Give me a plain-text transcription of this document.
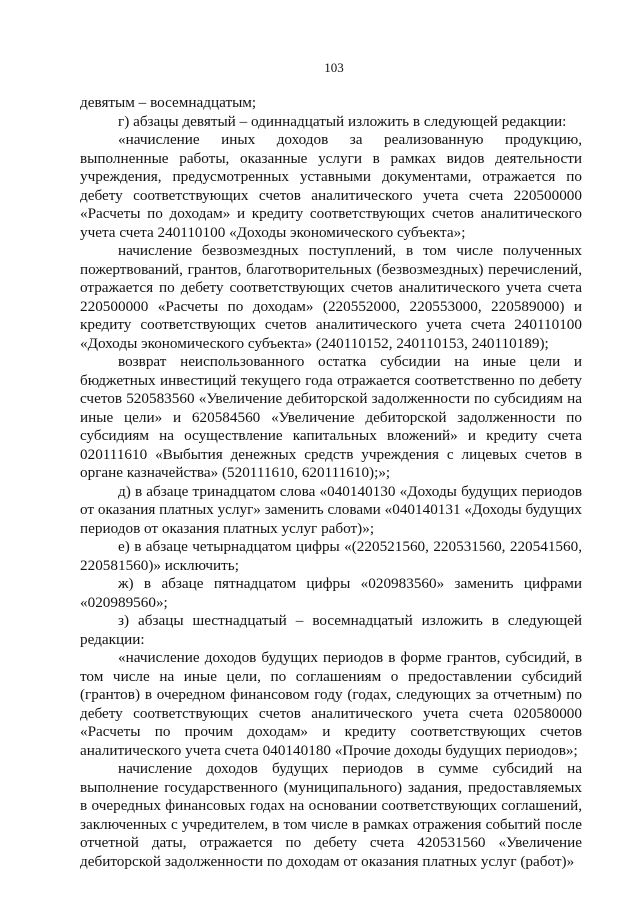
103

девятым – восемнадцатым;

г) абзацы девятый – одиннадцатый изложить в следующей редакции:

«начисление иных доходов за реализованную продукцию, выполненные работы, оказанные услуги в рамках видов деятельности учреждения, предусмотренных уставными документами, отражается по дебету соответствующих счетов аналитического учета счета 220500000 «Расчеты по доходам» и кредиту соответствующих счетов аналитического учета счета 240110100 «Доходы экономического субъекта»;

начисление безвозмездных поступлений, в том числе полученных пожертвований, грантов, благотворительных (безвозмездных) перечислений, отражается по дебету соответствующих счетов аналитического учета счета 220500000 «Расчеты по доходам» (220552000, 220553000, 220589000) и кредиту соответствующих счетов аналитического учета счета 240110100 «Доходы экономического субъекта» (240110152, 240110153, 240110189);

возврат неиспользованного остатка субсидии на иные цели и бюджетных инвестиций текущего года отражается соответственно по дебету счетов 520583560 «Увеличение дебиторской задолженности по субсидиям на иные цели» и 620584560 «Увеличение дебиторской задолженности по субсидиям на осуществление капитальных вложений» и кредиту счета 020111610 «Выбытия денежных средств учреждения с лицевых счетов в органе казначейства» (520111610, 620111610);»;

д) в абзаце тринадцатом слова «040140130 «Доходы будущих периодов от оказания платных услуг» заменить словами «040140131 «Доходы будущих периодов от оказания платных услуг работ)»;

е) в абзаце четырнадцатом цифры «(220521560, 220531560, 220541560, 220581560)» исключить;

ж) в абзаце пятнадцатом цифры «020983560» заменить цифрами «020989560»;

з) абзацы шестнадцатый – восемнадцатый изложить в следующей редакции:

«начисление доходов будущих периодов в форме грантов, субсидий, в том числе на иные цели, по соглашениям о предоставлении субсидий (грантов) в очередном финансовом году (годах, следующих за отчетным) по дебету соответствующих счетов аналитического учета счета 020580000 «Расчеты по прочим доходам» и кредиту соответствующих счетов аналитического учета счета 040140180 «Прочие доходы будущих периодов»;

начисление доходов будущих периодов в сумме субсидий на выполнение государственного (муниципального) задания, предоставляемых в очередных финансовых годах на основании соответствующих соглашений, заключенных с учредителем, в том числе в рамках отражения событий после отчетной даты, отражается по дебету счета 420531560 «Увеличение дебиторской задолженности по доходам от оказания платных услуг (работ)»
